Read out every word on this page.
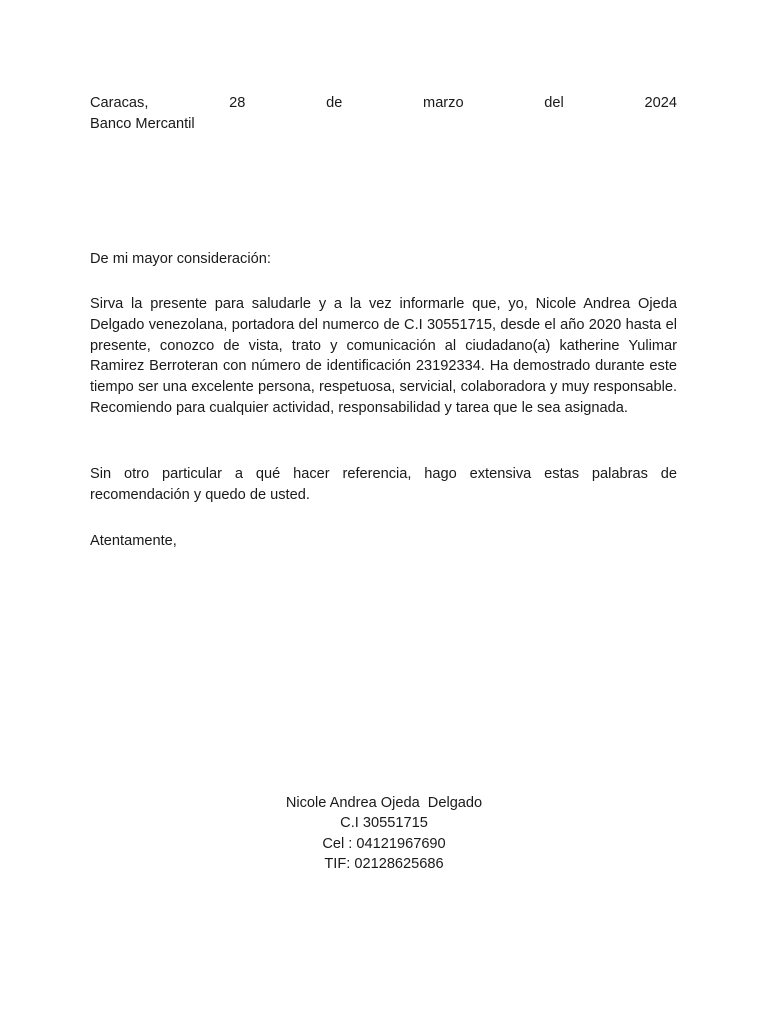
Caracas,	28	de	marzo	del	2024

Banco Mercantil

De mi mayor consideración:

Sirva la presente para saludarle y a la vez informarle que, yo, Nicole Andrea Ojeda Delgado venezolana, portadora del numerco de C.I 30551715, desde el año 2020 hasta el presente, conozco de vista, trato y comunicación al ciudadano(a) katherine Yulimar Ramirez Berroteran con número de identificación 23192334. Ha demostrado durante este tiempo ser una excelente persona, respetuosa, servicial, colaboradora y muy responsable. Recomiendo para cualquier actividad, responsabilidad y tarea que le sea asignada.

Sin otro particular a qué hacer referencia, hago extensiva estas palabras de recomendación y quedo de usted.

Atentamente,

Nicole Andrea Ojeda  Delgado
C.I 30551715
Cel : 04121967690
TIF: 02128625686
